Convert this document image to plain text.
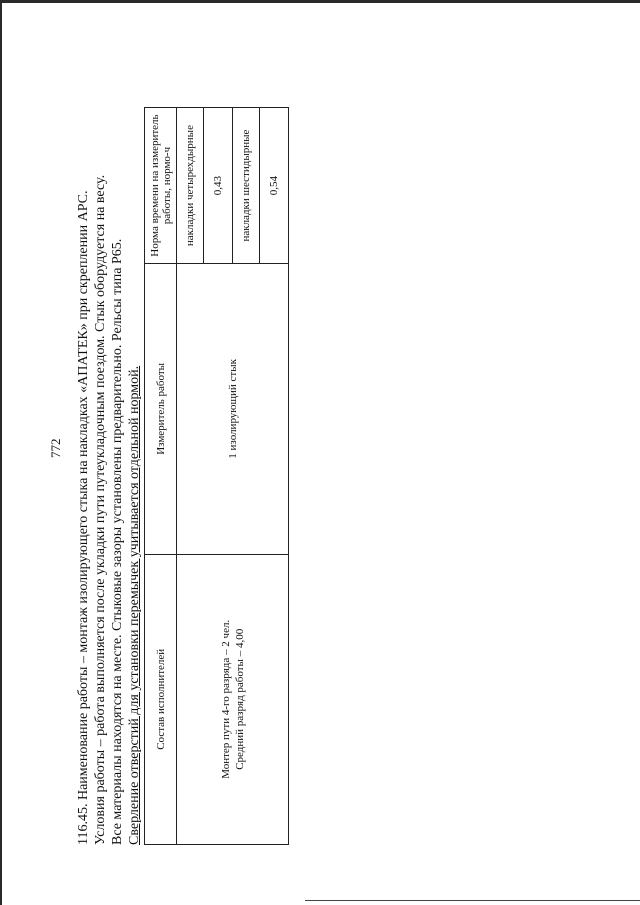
772 116.45. Наименование работы – монтаж изолирующего стыка на накладках «АПАТЕК» при скреплении АРС. Условия работы – работа выполняется после укладки пути путеукладочным поездом. Стык оборудуется на весу. Все материалы находятся на месте. Стыковые зазоры установлены предварительно. Рельсы типа Р65. Сверление отверстий для установки перемычек учитывается отдельной нормой. Состав исполнителей	Измеритель работы	Норма времени на измеритель работы, нормо-ч

Монтер пути 4-го разряда – 2 чел. Средний разряд работы – 4,00	1 изолирующий стык	накладки четырехдырные
		0,43
		накладки шестидырные
		0,54
